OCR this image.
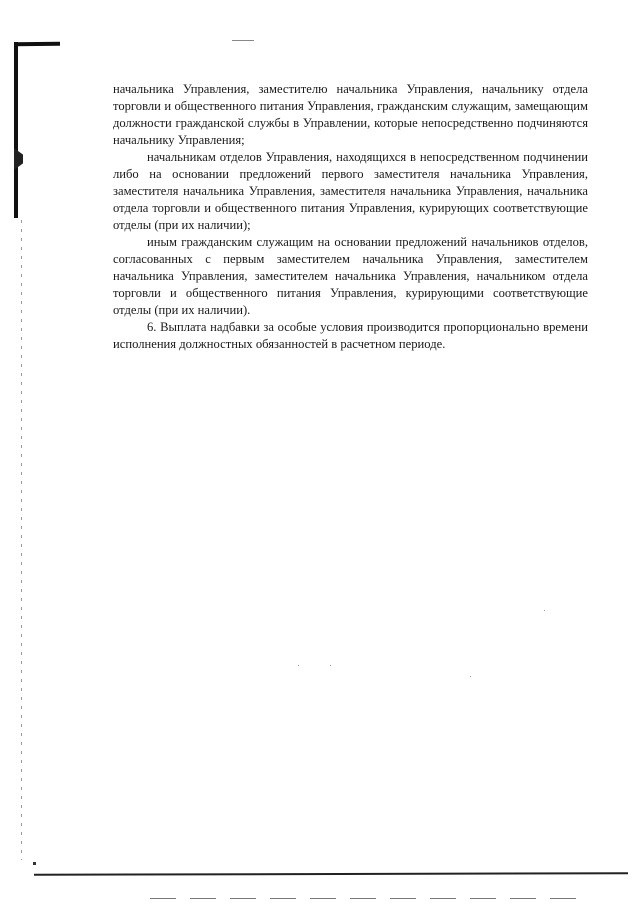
начальника Управления, заместителю начальника Управления, начальнику отдела торговли и общественного питания Управления, гражданским служащим, замещающим должности гражданской службы в Управлении, которые непосредственно подчиняются начальнику Управления;

начальникам отделов Управления, находящихся в непосредственном подчинении либо на основании предложений первого заместителя начальника Управления, заместителя начальника Управления, заместителя начальника Управления, начальника отдела торговли и общественного питания Управления, курирующих соответствующие отделы (при их наличии);

иным гражданским служащим на основании предложений начальников отделов, согласованных с первым заместителем начальника Управления, заместителем начальника Управления, заместителем начальника Управления, начальником отдела торговли и общественного питания Управления, курирующими соответствующие отделы (при их наличии).

6. Выплата надбавки за особые условия производится пропорционально времени исполнения должностных обязанностей в расчетном периоде.
